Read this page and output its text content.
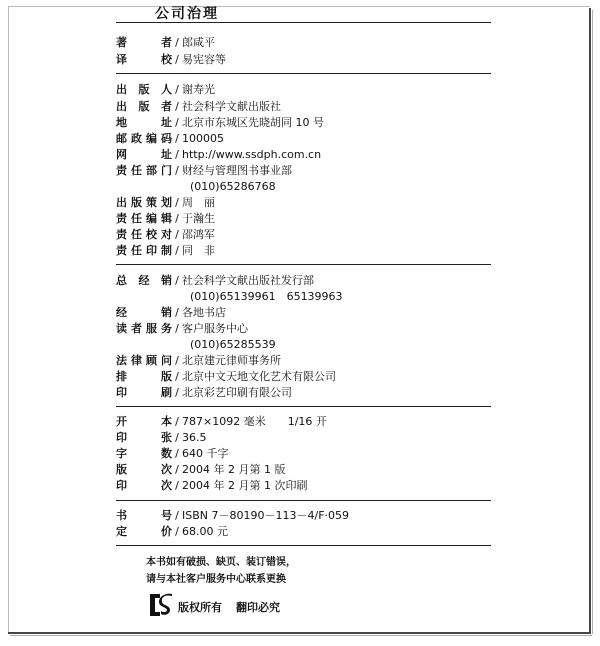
公司治理
著　　者 / 郎咸平
译　　校 / 易宪容等
出 版 人 / 谢寿光
出 版 者 / 社会科学文献出版社
地　　址 / 北京市东城区先晓胡同 10 号
邮政编码 / 100005
网　　址 / http://www.ssdph.com.cn
责任部门 / 财经与管理图书事业部
(010)65286768
出版策划 / 周　丽
责任编辑 / 于瀚生
责任校对 / 邵鸿军
责任印制 / 同　非
总 经 销 / 社会科学文献出版社发行部
(010)65139961　65139963
经　　销 / 各地书店
读者服务 / 客户服务中心
(010)65285539
法律顾问 / 北京建元律师事务所
排　　版 / 北京中文天地文化艺术有限公司
印　　刷 / 北京彩艺印刷有限公司
开　　本 / 787×1092 毫米　　1/16 开
印　　张 / 36.5
字　　数 / 640 千字
版　　次 / 2004 年 2 月第 1 版
印　　次 / 2004 年 2 月第 1 次印刷
书　　号 / ISBN 7－80190－113－4/F·059
定　　价 / 68.00 元
本书如有破损、缺页、装订错误，
请与本社客户服务中心联系更换
版权所有 翻印必究
